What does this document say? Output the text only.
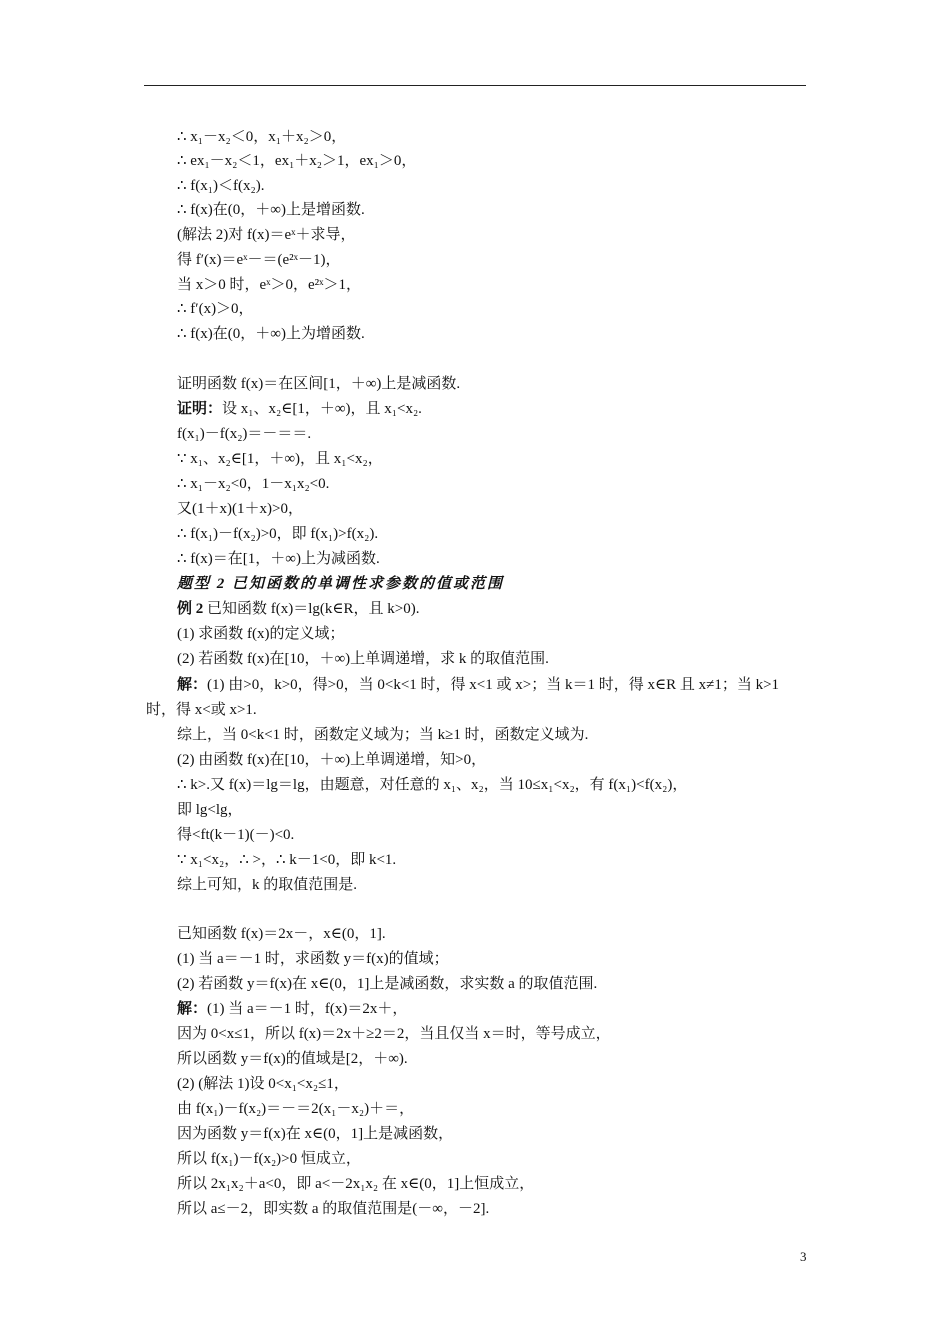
∴ x₁－x₂＜0，x₁＋x₂＞0，
∴ ex₁－x₂＜1，ex₁＋x₂＞1，ex₁＞0，
∴ f(x₁)＜f(x₂).
∴ f(x)在(0，＋∞)上是增函数.
(解法 2)对 f(x)＝eˣ＋求导，
得 f′(x)＝eˣ－＝(e²ˣ－1)，
当 x＞0 时，eˣ＞0，e²ˣ＞1，
∴ f′(x)＞0，
∴ f(x)在(0，＋∞)上为增函数.
证明函数 f(x)＝在区间[1，＋∞)上是减函数.
证明：设 x₁、x₂∈[1，＋∞)，且 x₁<x₂.
f(x₁)－f(x₂)＝－＝＝.
∵ x₁、x₂∈[1，＋∞)，且 x₁<x₂，
∴ x₁－x₂<0，1－x₁x₂<0.
又(1＋x)(1＋x)>0，
∴ f(x₁)－f(x₂)>0，即 f(x₁)>f(x₂).
∴ f(x)＝在[1，＋∞)上为减函数.
题型 2 已知函数的单调性求参数的值或范围
例 2 已知函数 f(x)＝lg(k∈R，且 k>0).
(1) 求函数 f(x)的定义域；
(2) 若函数 f(x)在[10，＋∞)上单调递增，求 k 的取值范围.
解：(1) 由>0，k>0，得>0，当 0<k<1 时，得 x<1 或 x>；当 k＝1 时，得 x∈R 且 x≠1；当 k>1
时，得 x<或 x>1.
综上，当 0<k<1 时，函数定义域为；当 k≥1 时，函数定义域为.
(2) 由函数 f(x)在[10，＋∞)上单调递增，知>0，
∴ k>.又 f(x)＝lg＝lg，由题意，对任意的 x₁、x₂，当 10≤x₁<x₂，有 f(x₁)<f(x₂)，
即 lg<lg，
得<ft(k－1)(－)<0.
∵ x₁<x₂，∴ >，∴ k－1<0，即 k<1.
综上可知，k 的取值范围是.
已知函数 f(x)＝2x－，x∈(0，1].
(1) 当 a＝－1 时，求函数 y＝f(x)的值域；
(2) 若函数 y＝f(x)在 x∈(0，1]上是减函数，求实数 a 的取值范围.
解：(1) 当 a＝－1 时，f(x)＝2x＋，
因为 0<x≤1，所以 f(x)＝2x＋≥2＝2，当且仅当 x＝时，等号成立，
所以函数 y＝f(x)的值域是[2，＋∞).
(2) (解法 1)设 0<x₁<x₂≤1，
由 f(x₁)－f(x₂)＝－＝2(x₁－x₂)＋＝，
因为函数 y＝f(x)在 x∈(0，1]上是减函数，
所以 f(x₁)－f(x₂)>0 恒成立，
所以 2x₁x₂＋a<0，即 a<－2x₁x₂ 在 x∈(0，1]上恒成立，
所以 a≤－2，即实数 a 的取值范围是(－∞，－2].
3
